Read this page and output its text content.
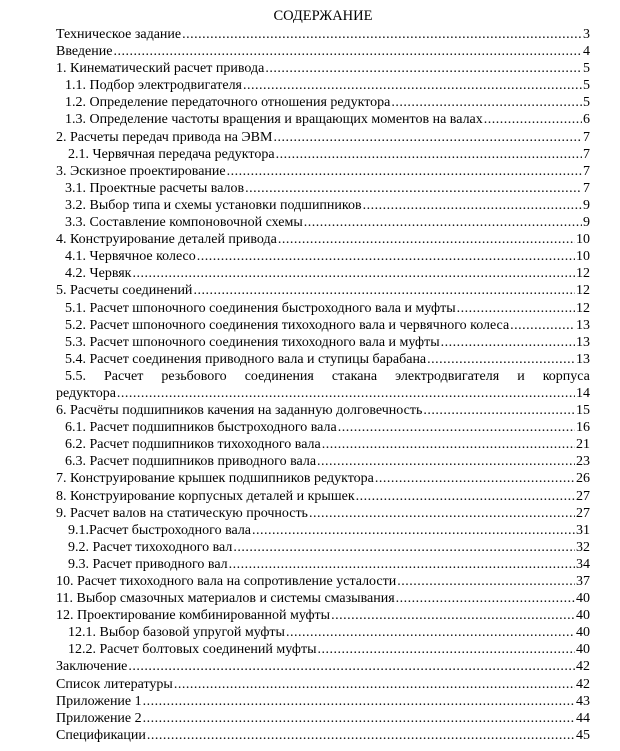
СОДЕРЖАНИЕ
Техническое задание .....	3
Введение .....	4
1. Кинематический расчет привода .....	5
1.1. Подбор электродвигателя .....	5
1.2. Определение передаточного отношения редуктора .....	5
1.3. Определение частоты вращения и вращающих моментов на валах .....	6
2. Расчеты передач привода на ЭВМ .....	7
2.1. Червячная передача редуктора .....	7
3. Эскизное проектирование .....	7
3.1. Проектные расчеты валов .....	7
3.2. Выбор типа и схемы установки подшипников .....	9
3.3. Составление компоновочной схемы .....	9
4. Конструирование деталей привода .....	10
4.1. Червячное колесо .....	10
4.2. Червяк .....	12
5. Расчеты соединений .....	12
5.1. Расчет шпоночного соединения быстроходного вала и муфты .....	12
5.2. Расчет шпоночного соединения тихоходного вала и червячного колеса .....	13
5.3. Расчет шпоночного соединения тихоходного вала и муфты .....	13
5.4. Расчет соединения приводного вала и ступицы барабана .....	13
5.5. Расчет резьбового соединения стакана электродвигателя и корпуса
редуктора .....	14
6. Расчёты подшипников качения на заданную долговечность .....	15
6.1. Расчет подшипников быстроходного вала .....	16
6.2. Расчет подшипников тихоходного вала .....	21
6.3. Расчет подшипников приводного вала .....	23
7. Конструирование крышек подшипников редуктора .....	26
8. Конструирование корпусных деталей и крышек .....	27
9. Расчет валов на статическую прочность .....	27
9.1.Расчет быстроходного вала .....	31
9.2. Расчет тихоходного вал .....	32
9.3. Расчет приводного вал .....	34
10. Расчет тихоходного вала на сопротивление усталости .....	37
11. Выбор смазочных материалов и системы смазывания .....	40
12. Проектирование комбинированной муфты .....	40
12.1. Выбор базовой упругой муфты .....	40
12.2. Расчет болтовых соединений муфты .....	40
Заключение .....	42
Список литературы .....	42
Приложение 1 .....	43
Приложение 2 .....	44
Спецификации .....	45
